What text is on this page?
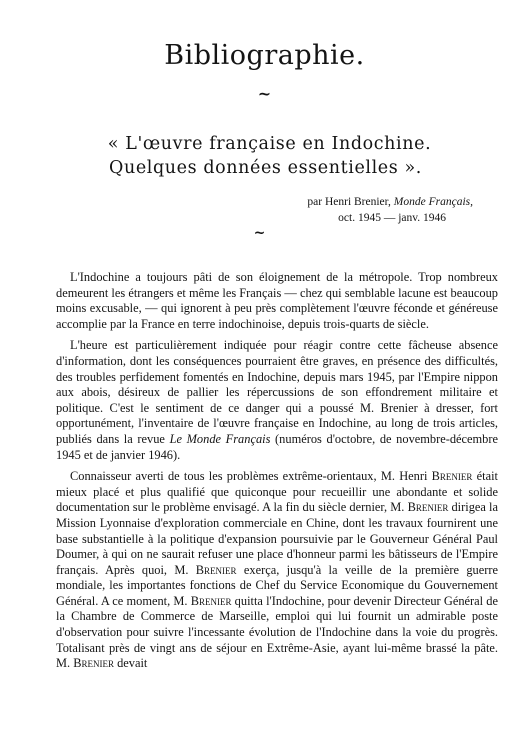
Bibliographie.
~
« L'œuvre française en Indochine.
Quelques données essentielles ».
par Henri Brenier, Monde Français,
oct. 1945 — janv. 1946
~

L'Indochine a toujours pâti de son éloignement de la métropole. Trop nombreux demeurent les étrangers et même les Français — chez qui semblable lacune est beaucoup moins excusable, — qui ignorent à peu près complètement l'œuvre féconde et généreuse accomplie par la France en terre indochinoise, depuis trois-quarts de siècle.

L'heure est particulièrement indiquée pour réagir contre cette fâcheuse absence d'information, dont les conséquences pourraient être graves, en présence des difficultés, des troubles perfidement fomentés en Indochine, depuis mars 1945, par l'Empire nippon aux abois, désireux de pallier les répercussions de son effondrement militaire et politique. C'est le sentiment de ce danger qui a poussé M. Brenier à dresser, fort opportunément, l'inventaire de l'œuvre française en Indochine, au long de trois articles, publiés dans la revue Le Monde Français (numéros d'octobre, de novembre-décembre 1945 et de janvier 1946).

Connaisseur averti de tous les problèmes extrême-orientaux, M. Henri Brenier était mieux placé et plus qualifié que quiconque pour recueillir une abondante et solide documentation sur le problème envisagé. A la fin du siècle dernier, M. Brenier dirigea la Mission Lyonnaise d'exploration commerciale en Chine, dont les travaux fournirent une base substantielle à la politique d'expansion poursuivie par le Gouverneur Général Paul Doumer, à qui on ne saurait refuser une place d'honneur parmi les bâtisseurs de l'Empire français. Après quoi, M. Brenier exerça, jusqu'à la veille de la première guerre mondiale, les importantes fonctions de Chef du Service Economique du Gouvernement Général. A ce moment, M. Brenier quitta l'Indochine, pour devenir Directeur Général de la Chambre de Commerce de Marseille, emploi qui lui fournit un admirable poste d'observation pour suivre l'incessante évolution de l'Indochine dans la voie du progrès. Totalisant près de vingt ans de séjour en Extrême-Asie, ayant lui-même brassé la pâte. M. Brenier devait
